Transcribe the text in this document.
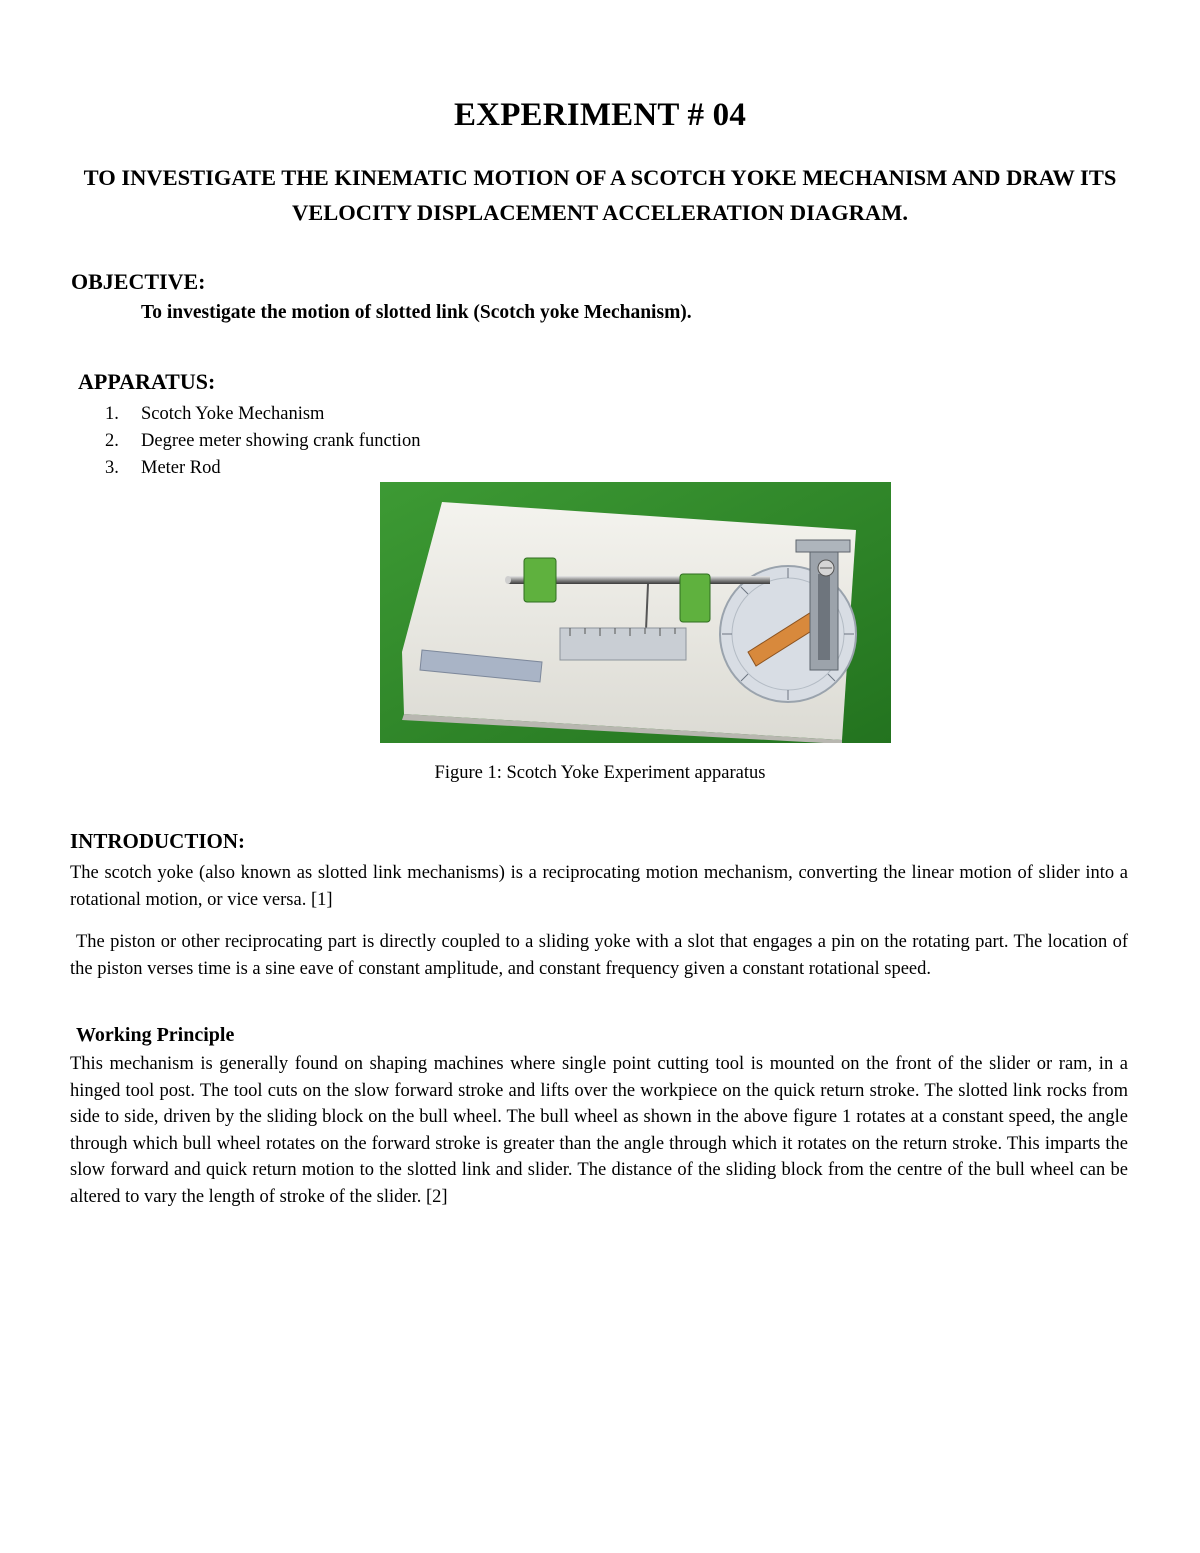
EXPERIMENT # 04
TO INVESTIGATE THE KINEMATIC MOTION OF A SCOTCH YOKE MECHANISM AND DRAW ITS VELOCITY DISPLACEMENT ACCELERATION DIAGRAM.
OBJECTIVE:
To investigate the motion of slotted link (Scotch yoke Mechanism).
APPARATUS:
1.	Scotch Yoke Mechanism
2.	Degree meter showing crank function
3.	Meter Rod
Figure 1: Scotch Yoke Experiment apparatus
INTRODUCTION:

The scotch yoke (also known as slotted link mechanisms) is a reciprocating motion mechanism, converting the linear motion of slider into a rotational motion, or vice versa. [1]

The piston or other reciprocating part is directly coupled to a sliding yoke with a slot that engages a pin on the rotating part. The location of the piston verses time is a sine eave of constant amplitude, and constant frequency given a constant rotational speed.

Working Principle

This mechanism is generally found on shaping machines where single point cutting tool is mounted on the front of the slider or ram, in a hinged tool post. The tool cuts on the slow forward stroke and lifts over the workpiece on the quick return stroke. The slotted link rocks from side to side, driven by the sliding block on the bull wheel. The bull wheel as shown in the above figure 1 rotates at a constant speed, the angle through which bull wheel rotates on the forward stroke is greater than the angle through which it rotates on the return stroke. This imparts the slow forward and quick return motion to the slotted link and slider. The distance of the sliding block from the centre of the bull wheel can be altered to vary the length of stroke of the slider. [2]
